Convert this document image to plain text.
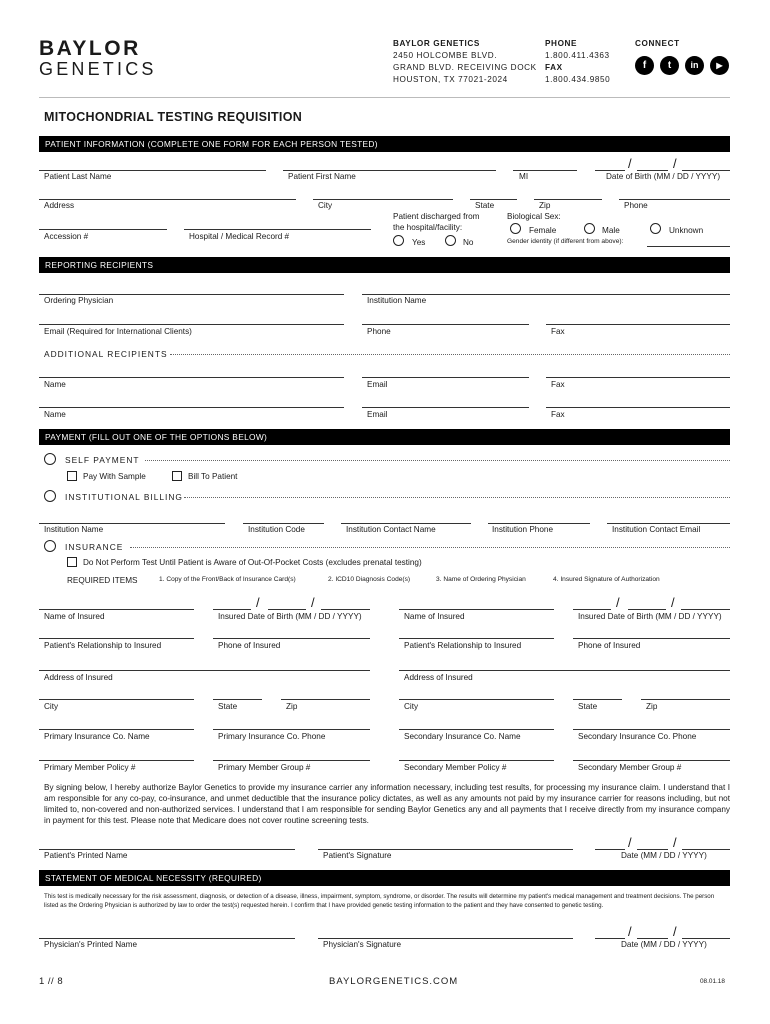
BAYLOR
GENETICS
BAYLOR GENETICS
2450 HOLCOMBE BLVD.
GRAND BLVD. RECEIVING DOCK
HOUSTON, TX 77021-2024
PHONE
1.800.411.4363
FAX
1.800.434.9850
CONNECT
f	t	in	▶
MITOCHONDRIAL TESTING REQUISITION
PATIENT INFORMATION (COMPLETE ONE FORM FOR EACH PERSON TESTED)
/	/
Patient Last Name	Patient First Name	MI	Date of Birth (MM / DD / YYYY)
Address	City	State	Zip	Phone
Patient discharged from
the hospital/facility:
Yes	No
Biological Sex:
Female	Male	Unknown
Gender identity (if different from above):
Accession #	Hospital / Medical Record #
REPORTING RECIPIENTS
Ordering Physician	Institution Name
Email (Required for International Clients)	Phone	Fax
ADDITIONAL RECIPIENTS
Name	Email	Fax
Name	Email	Fax
PAYMENT (FILL OUT ONE OF THE OPTIONS BELOW)
SELF PAYMENT
Pay With Sample	Bill To Patient
INSTITUTIONAL BILLING
Institution Name	Institution Code	Institution Contact Name	Institution Phone	Institution Contact Email
INSURANCE
Do Not Perform Test Until Patient is Aware of Out-Of-Pocket Costs (excludes prenatal testing)
REQUIRED ITEMS	1. Copy of the Front/Back of Insurance Card(s)	2. ICD10 Diagnosis Code(s)	3. Name of Ordering Physician	4. Insured Signature of Authorization
/	/
Name of Insured	Insured Date of Birth (MM / DD / YYYY)
Patient's Relationship to Insured	Phone of Insured
Address of Insured
City	State	Zip
Primary Insurance Co. Name	Primary Insurance Co. Phone
Primary Member Policy #	Primary Member Group #
/	/
Name of Insured	Insured Date of Birth (MM / DD / YYYY)
Patient's Relationship to Insured	Phone of Insured
Address of Insured
City	State	Zip
Secondary Insurance Co. Name	Secondary Insurance Co. Phone
Secondary Member Policy #	Secondary Member Group #
By signing below, I hereby authorize Baylor Genetics to provide my insurance carrier any information necessary, including test results, for processing my insurance claim. I understand that I am responsible for any co-pay, co-insurance, and unmet deductible that the insurance policy dictates, as well as any amounts not paid by my insurance carrier for reasons including, but not limited to, non-covered and non-authorized services. I understand that I am responsible for sending Baylor Genetics any and all payments that I receive directly from my insurance company in payment for this test. Please note that Medicare does not cover routine screening tests.
/	/
Patient's Printed Name	Patient's Signature	Date (MM / DD / YYYY)
STATEMENT OF MEDICAL NECESSITY (REQUIRED)
This test is medically necessary for the risk assessment, diagnosis, or detection of a disease, illness, impairment, symptom, syndrome, or disorder. The results will determine my patient's medical management and treatment decisions. The person listed as the Ordering Physician is authorized by law to order the test(s) requested herein. I confirm that I have provided genetic testing information to the patient and they have consented to genetic testing.
/	/
Physician's Printed Name	Physician's Signature	Date (MM / DD / YYYY)
1 // 8	BAYLORGENETICS.COM	08.01.18
